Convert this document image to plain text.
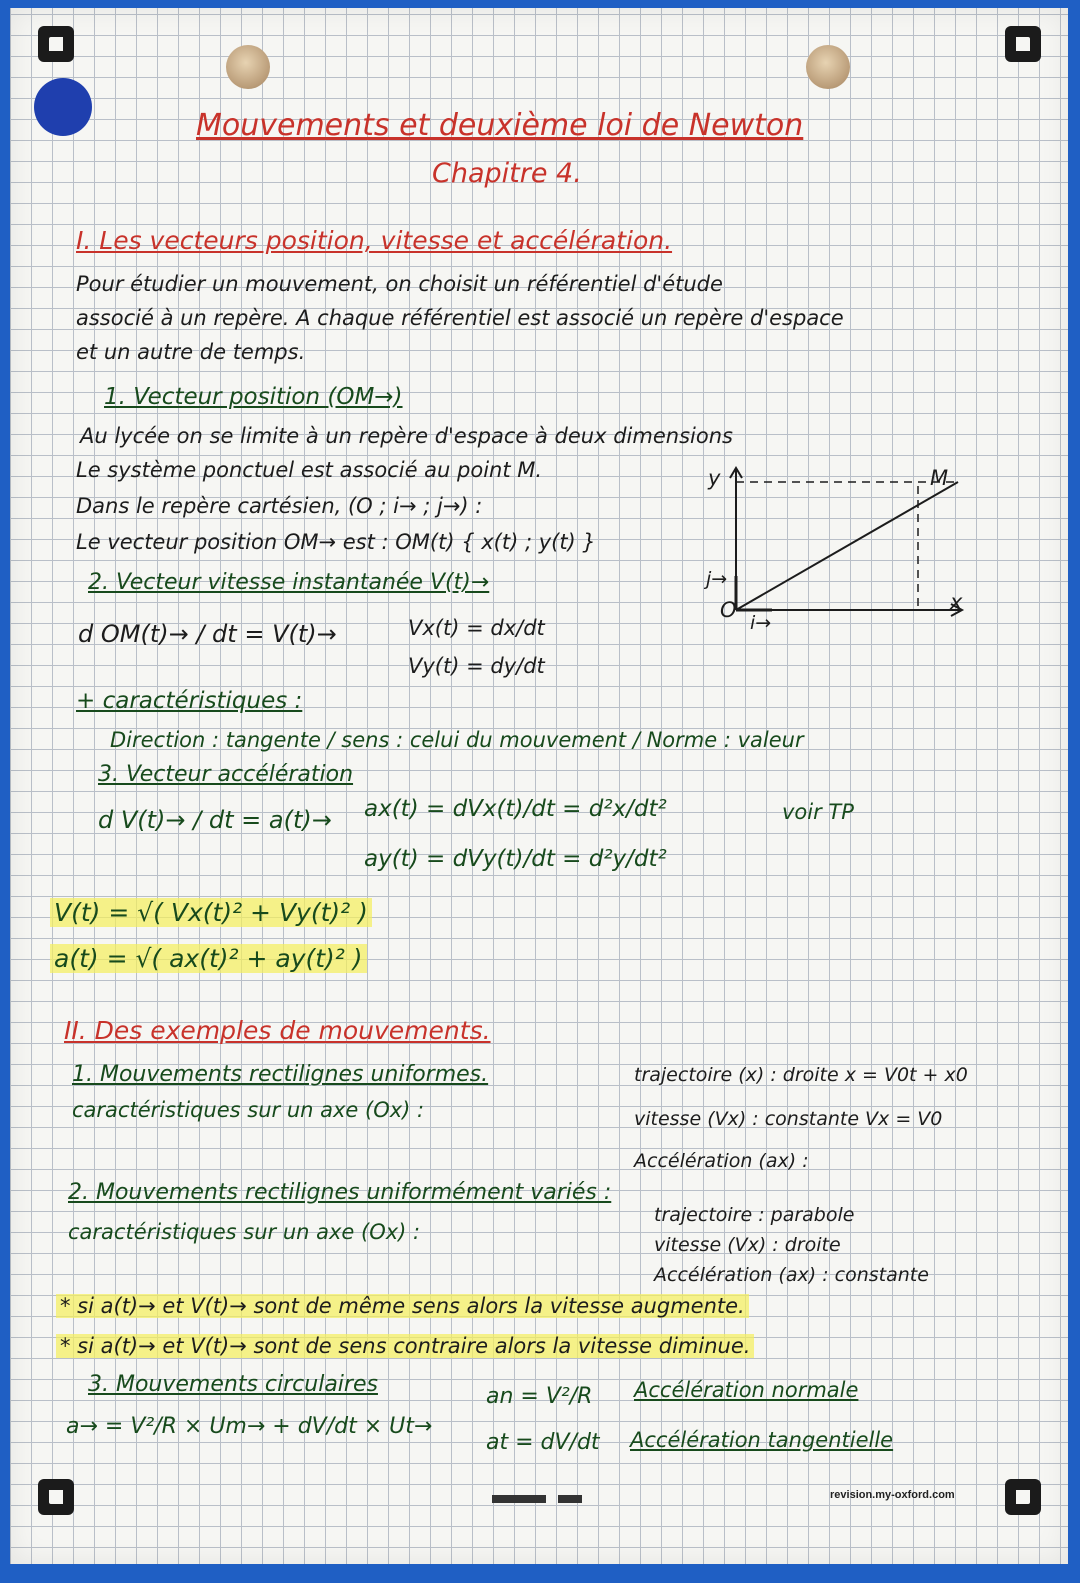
Mouvements et deuxième loi de Newton
Chapitre 4.
I. Les vecteurs position, vitesse et accélération.
Pour étudier un mouvement, on choisit un référentiel d'étude
associé à un repère. A chaque référentiel est associé un repère d'espace
et un autre de temps.
1. Vecteur position (OM→)
Au lycée on se limite à un repère d'espace à deux dimensions
Le système ponctuel est associé au point M.
Dans le repère cartésien, (O ; i→ ; j→) :
Le vecteur position OM→ est : OM(t) { x(t) ; y(t) }
y
x
M
O
i→
j→
2. Vecteur vitesse instantanée V(t)→
d OM(t)→ / dt = V(t)→	Vx(t) = dx/dt
Vy(t) = dy/dt
+ caractéristiques :
Direction : tangente / sens : celui du mouvement / Norme : valeur
3. Vecteur accélération
d V(t)→ / dt = a(t)→ ax(t) = dVx(t)/dt = d²x/dt²
ay(t) = dVy(t)/dt = d²y/dt²
voir TP
V(t) = √( Vx(t)² + Vy(t)² )
a(t) = √( ax(t)² + ay(t)² )
II. Des exemples de mouvements.
1. Mouvements rectilignes uniformes.
caractéristiques sur un axe (Ox) :
trajectoire (x) : droite x = V0t + x0
vitesse (Vx) : constante Vx = V0
Accélération (ax) :
2. Mouvements rectilignes uniformément variés :
caractéristiques sur un axe (Ox) :
trajectoire : parabole
vitesse (Vx) : droite
Accélération (ax) : constante
* si a(t)→ et V(t)→ sont de même sens alors la vitesse augmente.
* si a(t)→ et V(t)→ sont de sens contraire alors la vitesse diminue.
3. Mouvements circulaires
a→ = V²/R × Um→ + dV/dt × Ut→
an = V²/R Accélération normale
at = dV/dt Accélération tangentielle
revision.my-oxford.com
